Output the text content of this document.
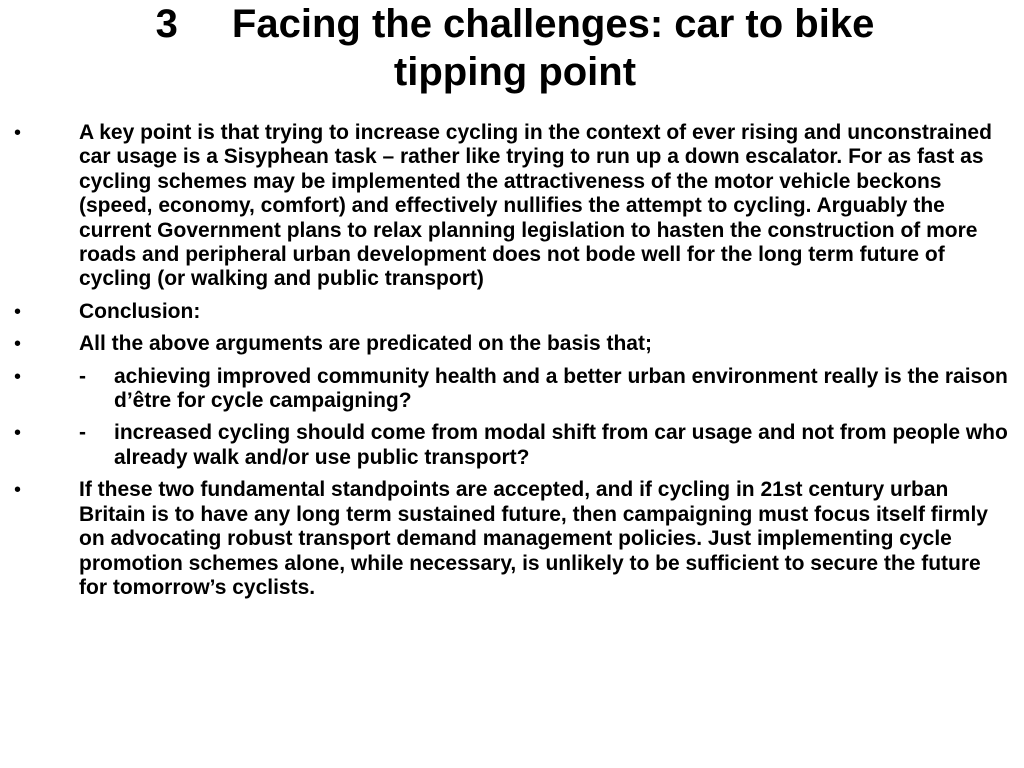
3 Facing the challenges: car to bike
tipping point
•	A key point is that trying to increase cycling in the context of ever rising and unconstrained car usage is a Sisyphean task – rather like trying to run up a down escalator. For as fast as cycling schemes may be implemented the attractiveness of the motor vehicle beckons (speed, economy, comfort) and effectively nullifies the attempt to cycling. Arguably the current Government plans to relax planning legislation to hasten the construction of more roads and peripheral urban development does not bode well for the long term future of cycling (or walking and public transport)
•	Conclusion:
•	All the above arguments are predicated on the basis that;
•	- achieving improved community health and a better urban environment really is the raison d’être for cycle campaigning?
•	- increased cycling should come from modal shift from car usage and not from people who already walk and/or use public transport?
•	If these two fundamental standpoints are accepted, and if cycling in 21st century urban Britain is to have any long term sustained future, then campaigning must focus itself firmly on advocating robust transport demand management policies. Just implementing cycle promotion schemes alone, while necessary, is unlikely to be sufficient to secure the future for tomorrow’s cyclists.
